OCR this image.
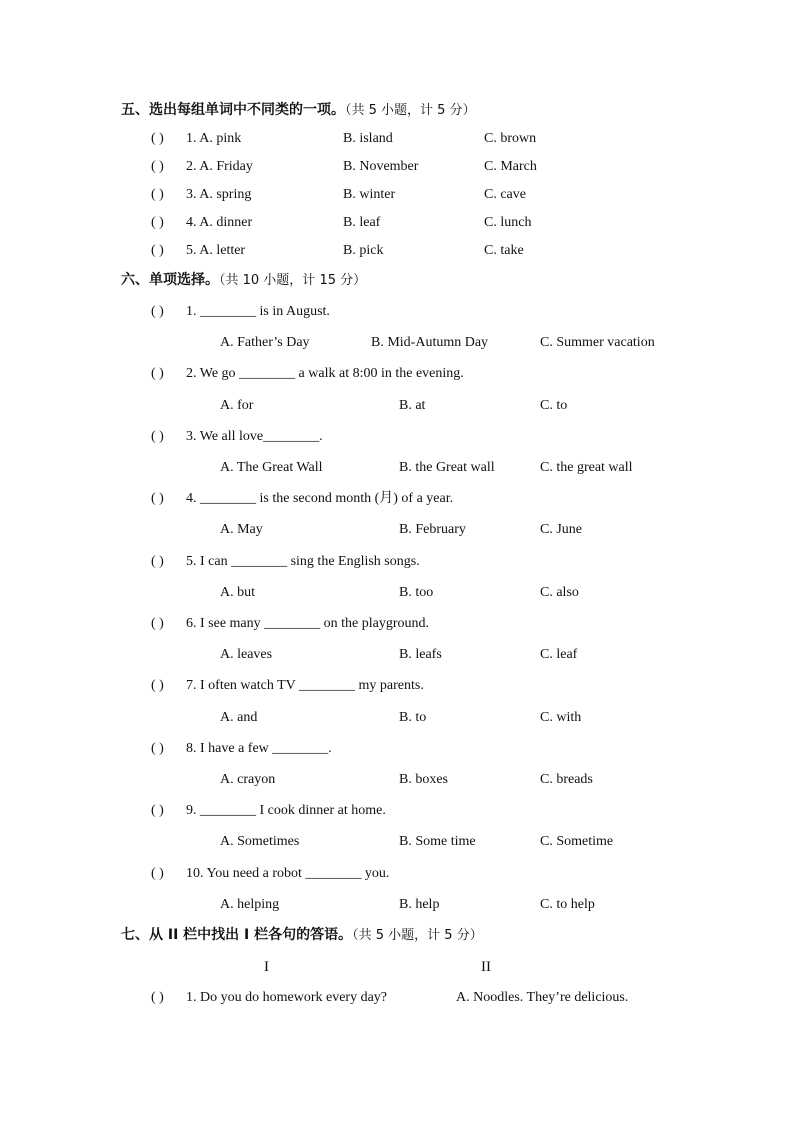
五、选出每组单词中不同类的一项。（共 5 小题，计 5 分）
( ) 1. A. pink	B. island	C. brown
( ) 2. A. Friday	B. November	C. March
( ) 3. A. spring	B. winter	C. cave
( ) 4. A. dinner	B. leaf	C. lunch
( ) 5. A. letter	B. pick	C. take
六、单项选择。（共 10 小题，计 15 分）
( ) 1. ________ is in August.
A. Father’s Day	B. Mid-Autumn Day	C. Summer vacation
( ) 2. We go ________ a walk at 8:00 in the evening.
A. for	B. at	C. to
( ) 3. We all love________.
A. The Great Wall	B. the Great wall	C. the great wall
( ) 4. ________ is the second month (月) of a year.
A. May	B. February	C. June
( ) 5. I can ________ sing the English songs.
A. but	B. too	C. also
( ) 6. I see many ________ on the playground.
A. leaves	B. leafs	C. leaf
( ) 7. I often watch TV ________ my parents.
A. and	B. to	C. with
( ) 8. I have a few ________.
A. crayon	B. boxes	C. breads
( ) 9. ________ I cook dinner at home.
A. Sometimes	B. Some time	C. Sometime
( ) 10. You need a robot ________ you.
A. helping	B. help	C. to help
七、从 II 栏中找出 I 栏各句的答语。（共 5 小题，计 5 分）
I	II
( ) 1. Do you do homework every day?	A. Noodles. They’re delicious.
